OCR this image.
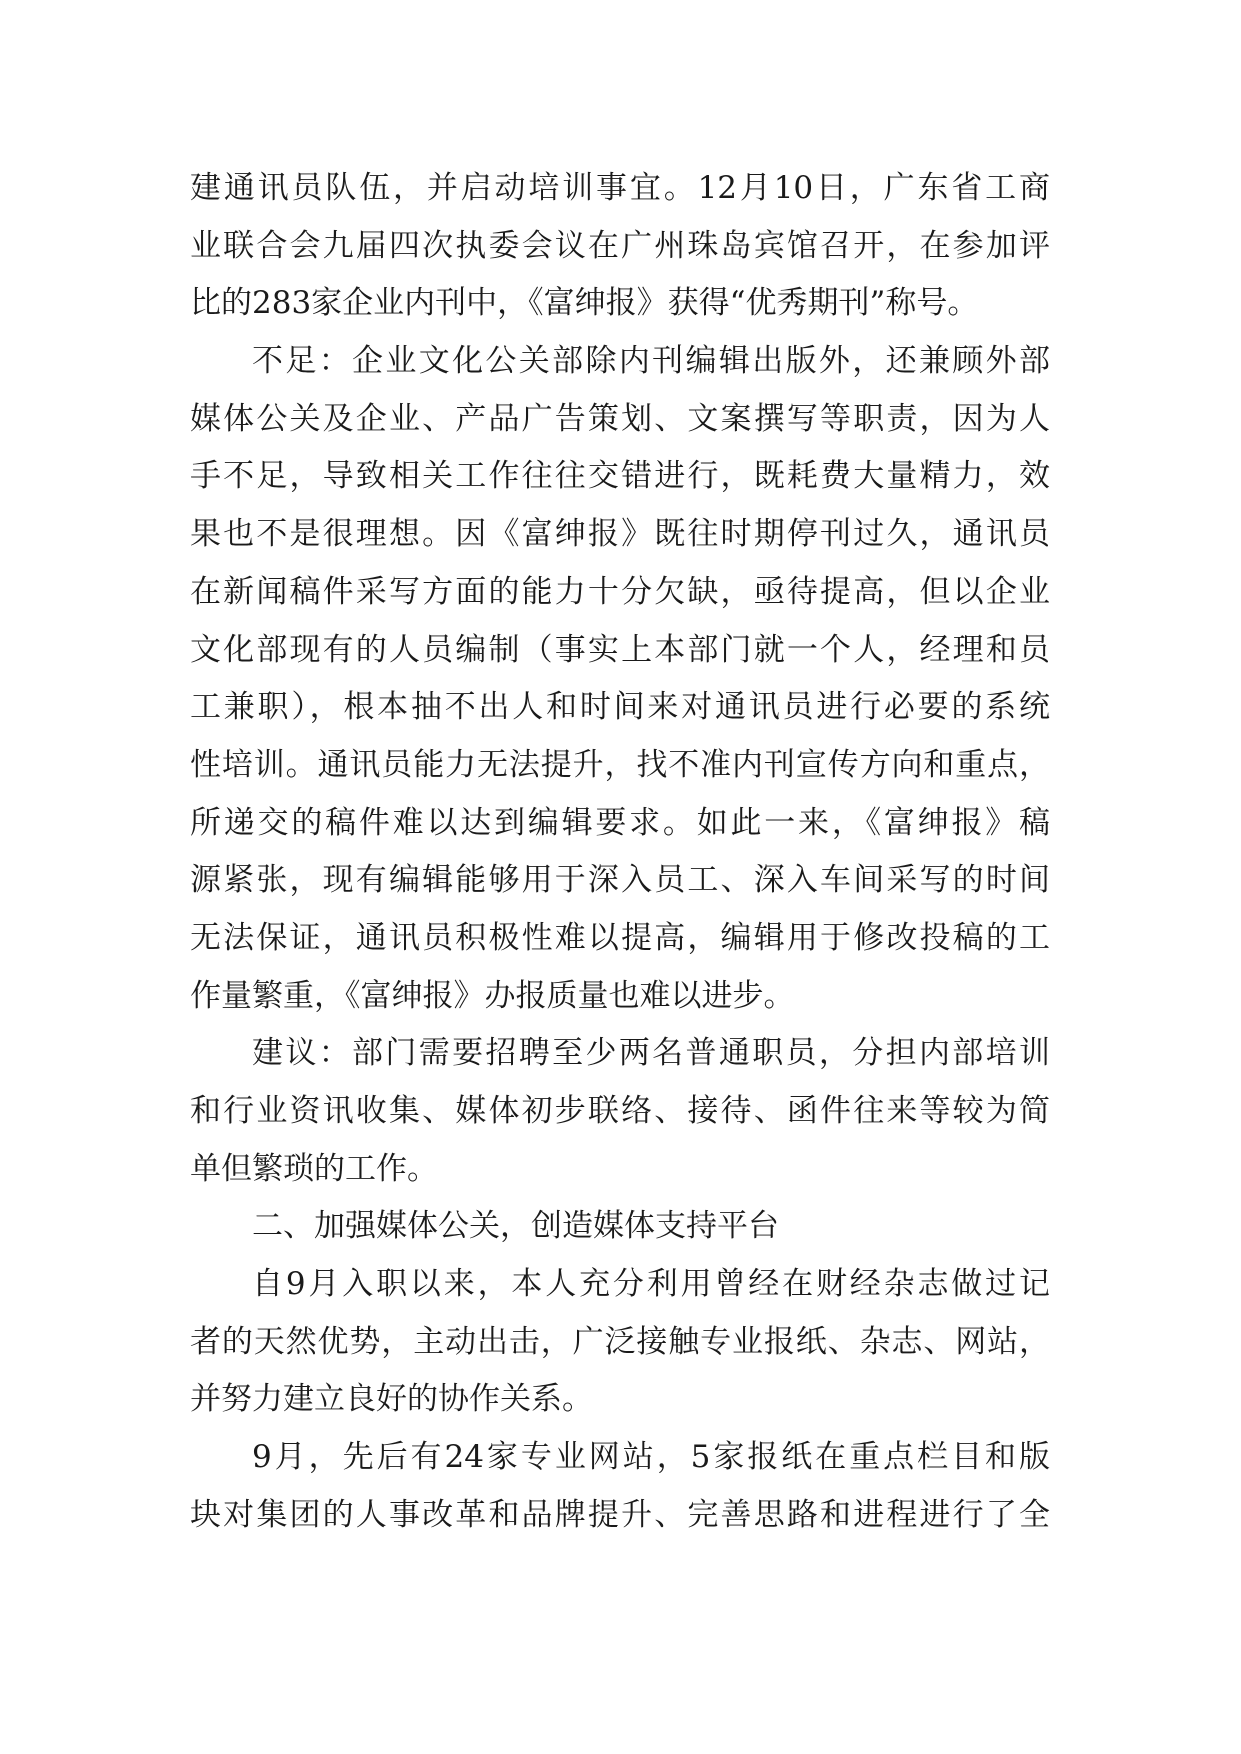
建通讯员队伍，并启动培训事宜。12月10日，广东省工商
业联合会九届四次执委会议在广州珠岛宾馆召开，在参加评
比的283家企业内刊中，《富绅报》获得“优秀期刊”称号。
不足：企业文化公关部除内刊编辑出版外，还兼顾外部
媒体公关及企业、产品广告策划、文案撰写等职责，因为人
手不足，导致相关工作往往交错进行，既耗费大量精力，效
果也不是很理想。因《富绅报》既往时期停刊过久，通讯员
在新闻稿件采写方面的能力十分欠缺，亟待提高，但以企业
文化部现有的人员编制（事实上本部门就一个人，经理和员
工兼职），根本抽不出人和时间来对通讯员进行必要的系统
性培训。通讯员能力无法提升，找不准内刊宣传方向和重点，
所递交的稿件难以达到编辑要求。如此一来，《富绅报》稿
源紧张，现有编辑能够用于深入员工、深入车间采写的时间
无法保证，通讯员积极性难以提高，编辑用于修改投稿的工
作量繁重，《富绅报》办报质量也难以进步。
建议：部门需要招聘至少两名普通职员，分担内部培训
和行业资讯收集、媒体初步联络、接待、函件往来等较为简
单但繁琐的工作。
二、加强媒体公关，创造媒体支持平台
自9月入职以来，本人充分利用曾经在财经杂志做过记
者的天然优势，主动出击，广泛接触专业报纸、杂志、网站，
并努力建立良好的协作关系。
9月，先后有24家专业网站，5家报纸在重点栏目和版
块对集团的人事改革和品牌提升、完善思路和进程进行了全
